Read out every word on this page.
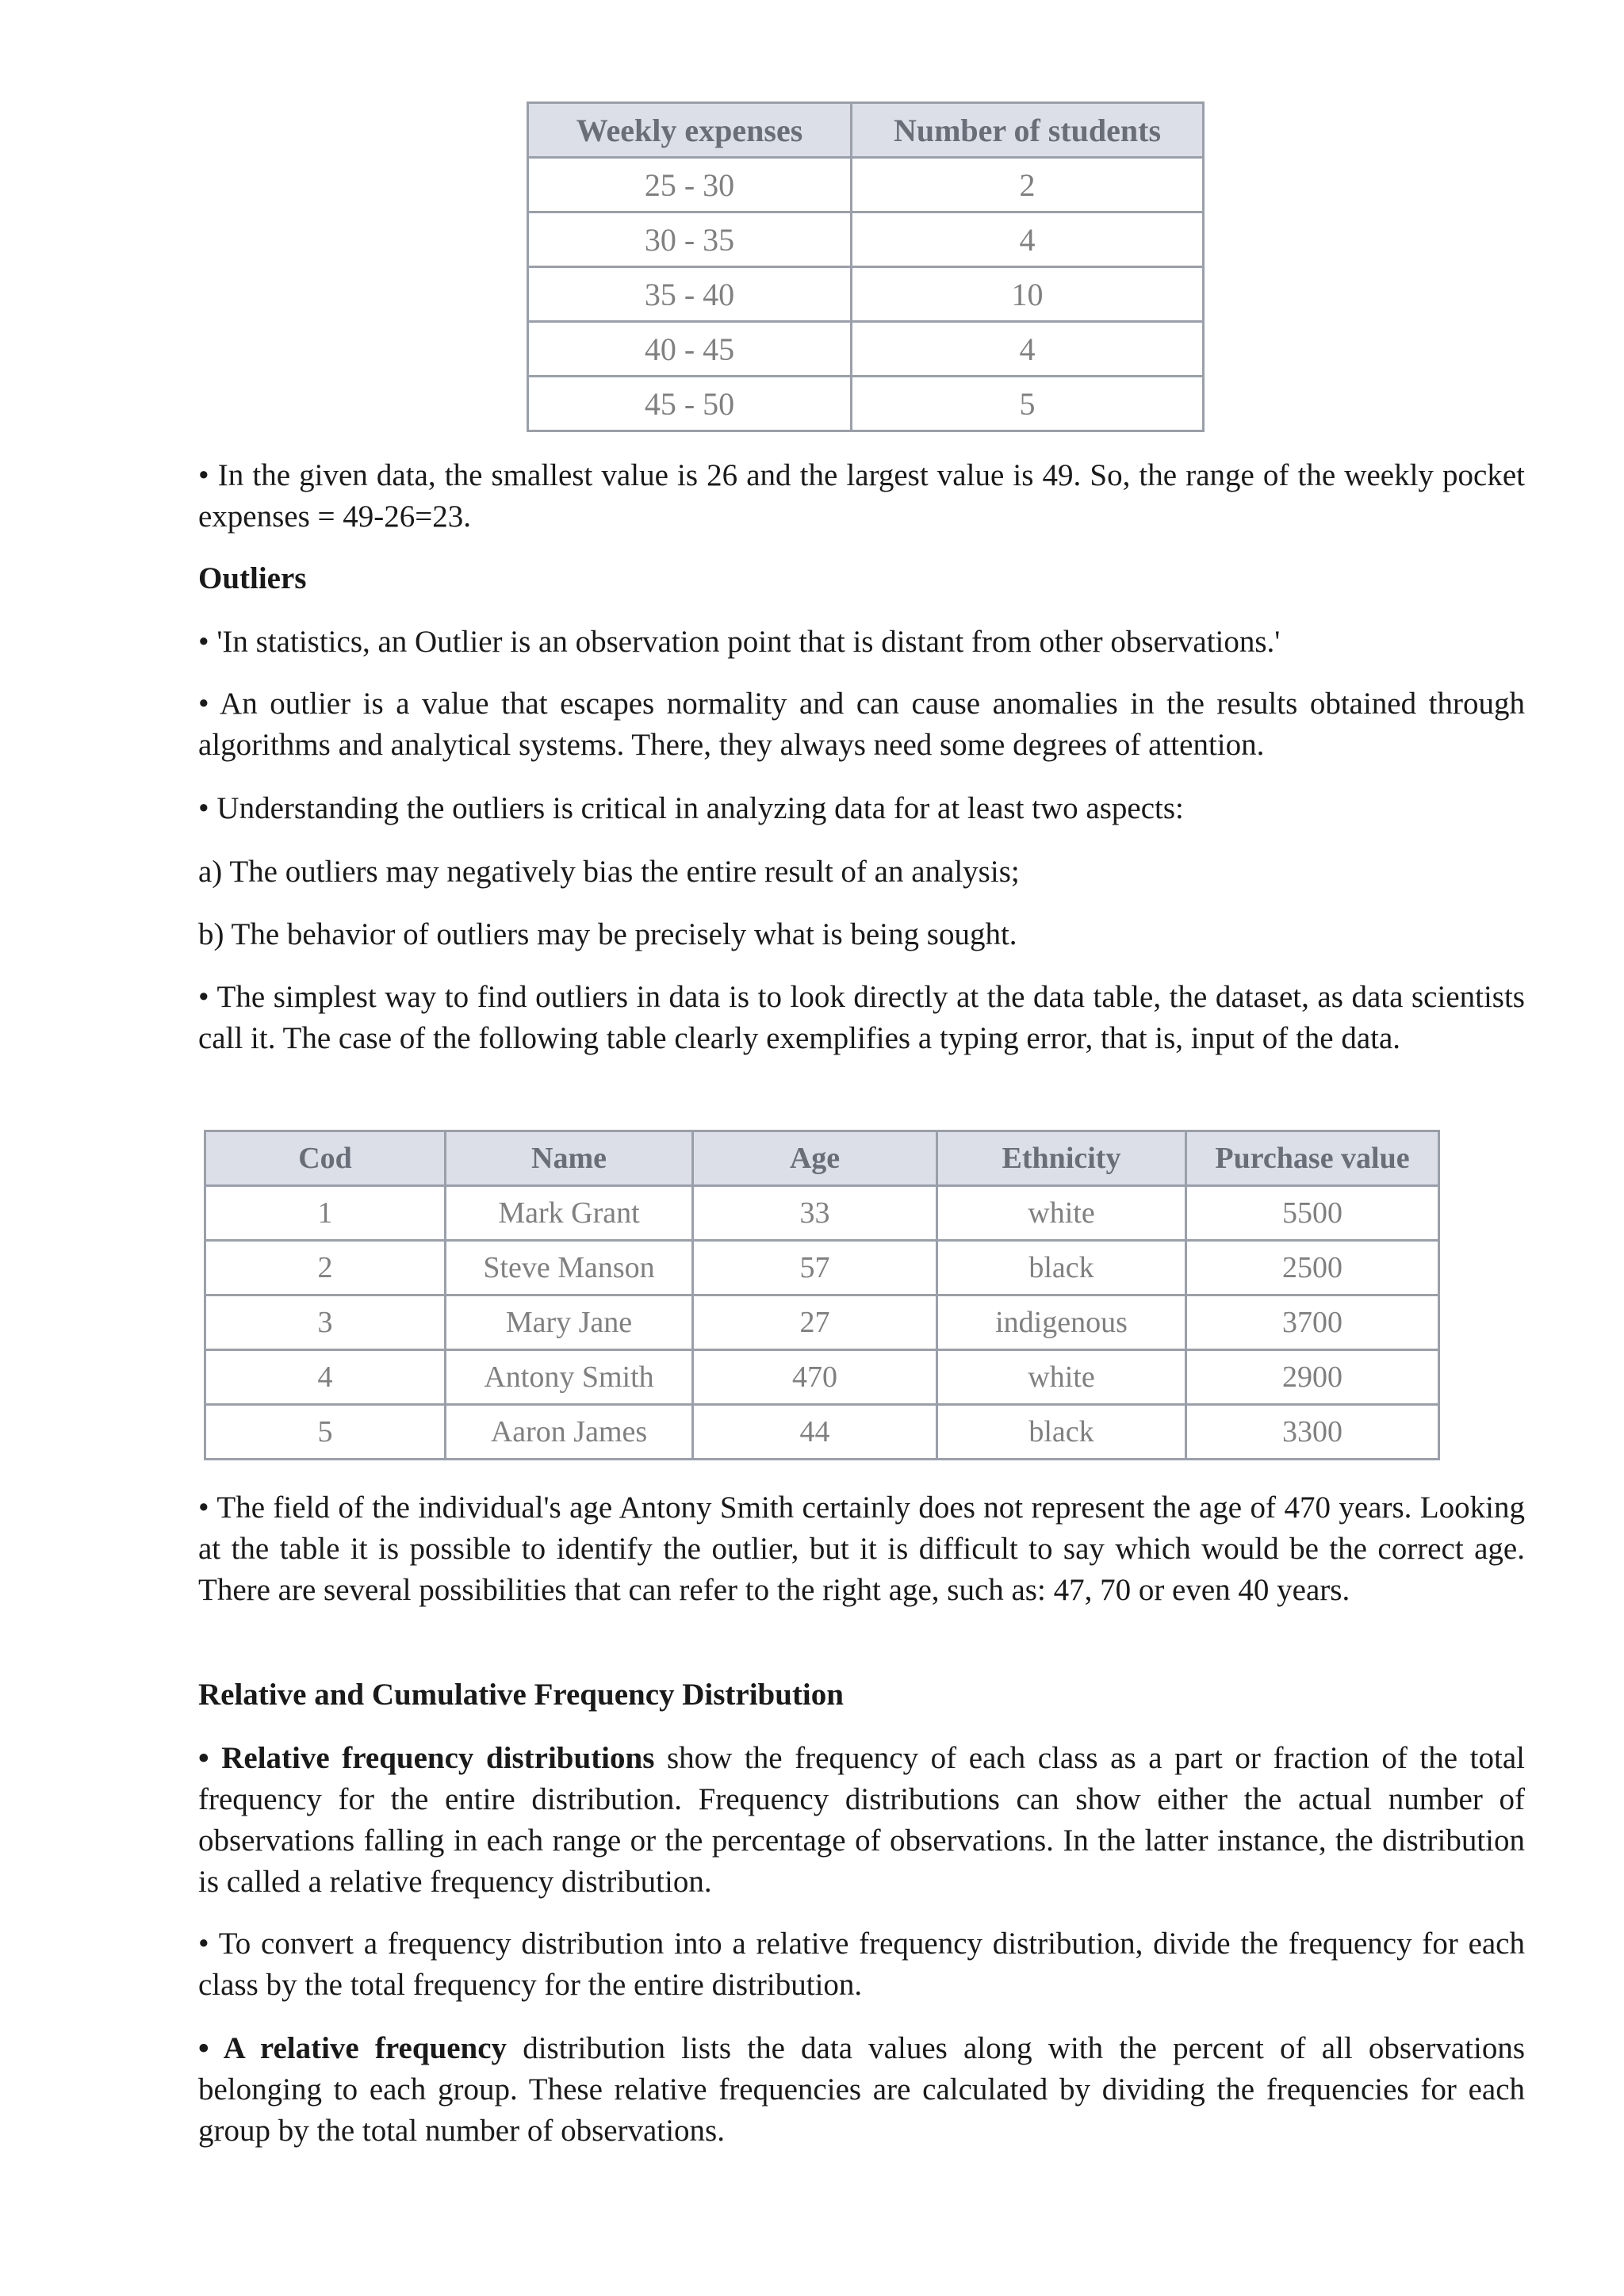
Weekly expenses	Number of students
25 - 30	2
30 - 35	4
35 - 40	10
40 - 45	4
45 - 50	5

• In the given data, the smallest value is 26 and the largest value is 49. So, the range of the weekly pocket expenses = 49-26=23.

Outliers

• 'In statistics, an Outlier is an observation point that is distant from other observations.'

• An outlier is a value that escapes normality and can cause anomalies in the results obtained through algorithms and analytical systems. There, they always need some degrees of attention.

• Understanding the outliers is critical in analyzing data for at least two aspects:

a) The outliers may negatively bias the entire result of an analysis;

b) The behavior of outliers may be precisely what is being sought.

• The simplest way to find outliers in data is to look directly at the data table, the dataset, as data scientists call it. The case of the following table clearly exemplifies a typing error, that is, input of the data.

Cod	Name	Age	Ethnicity	Purchase value
1	Mark Grant	33	white	5500
2	Steve Manson	57	black	2500
3	Mary Jane	27	indigenous	3700
4	Antony Smith	470	white	2900
5	Aaron James	44	black	3300

• The field of the individual's age Antony Smith certainly does not represent the age of 470 years. Looking at the table it is possible to identify the outlier, but it is difficult to say which would be the correct age. There are several possibilities that can refer to the right age, such as: 47, 70 or even 40 years.

Relative and Cumulative Frequency Distribution

• Relative frequency distributions show the frequency of each class as a part or fraction of the total frequency for the entire distribution. Frequency distributions can show either the actual number of observations falling in each range or the percentage of observations. In the latter instance, the distribution is called a relative frequency distribution.

• To convert a frequency distribution into a relative frequency distribution, divide the frequency for each class by the total frequency for the entire distribution.

• A relative frequency distribution lists the data values along with the percent of all observations belonging to each group. These relative frequencies are calculated by dividing the frequencies for each group by the total number of observations.
